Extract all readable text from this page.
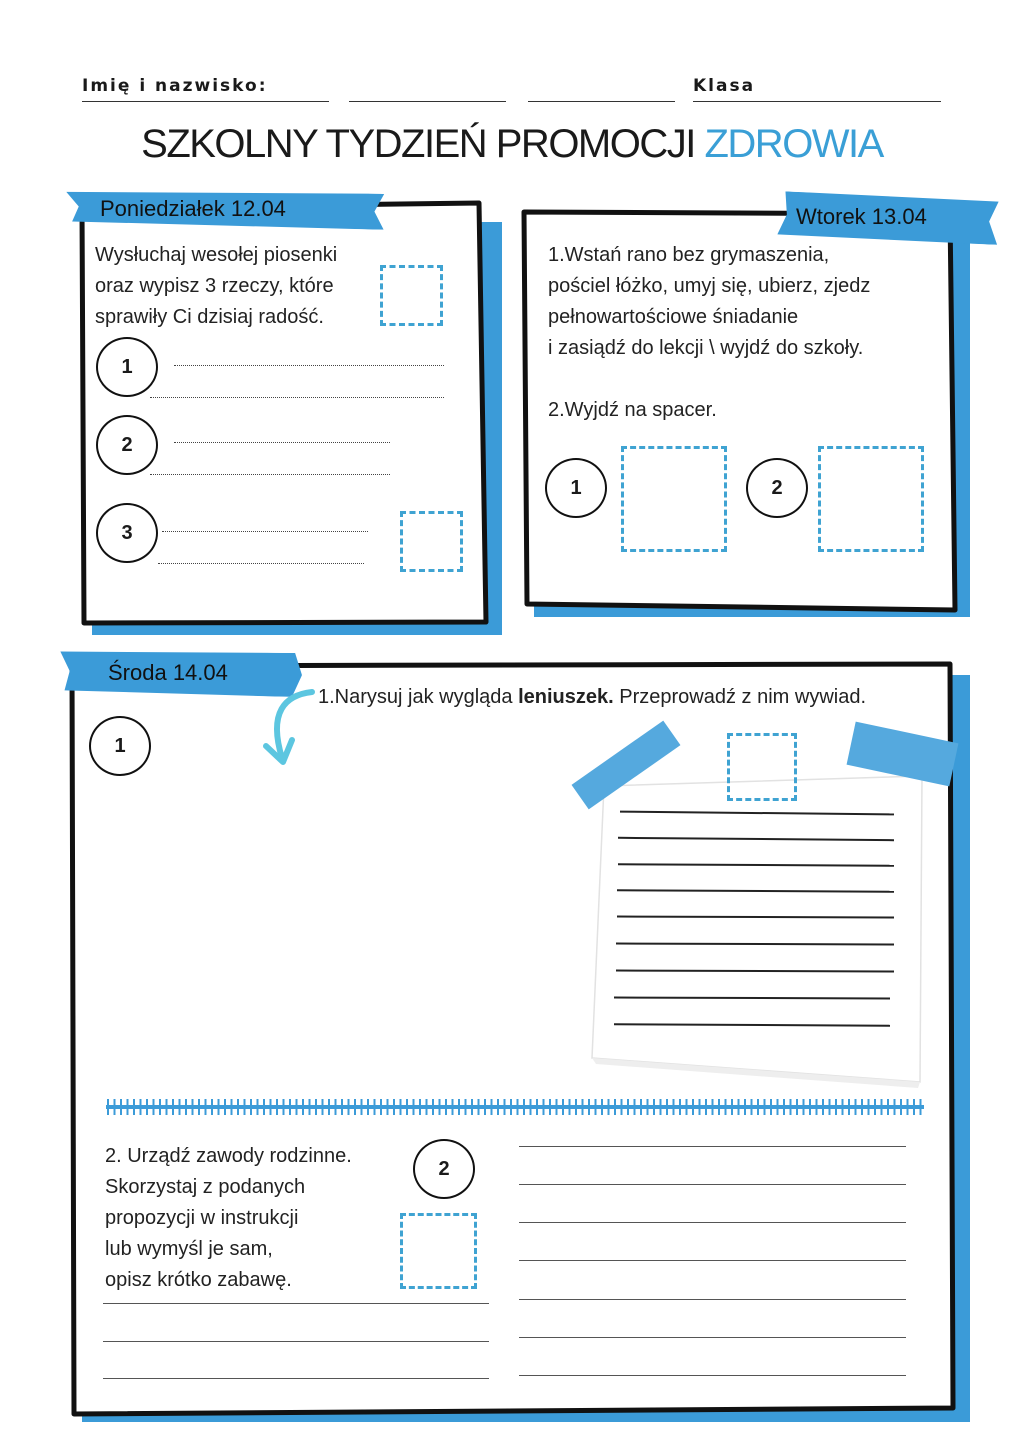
Imię i nazwisko:	Klasa
SZKOLNY TYDZIEŃ PROMOCJI ZDROWIA
Poniedziałek 12.04
Wysłuchaj wesołej piosenki
oraz wypisz 3 rzeczy, które
sprawiły Ci dzisiaj radość.
1
2
3
Wtorek 13.04
1.Wstań rano bez grymaszenia,
pościel łóżko, umyj się, ubierz, zjedz
pełnowartościowe śniadanie
i zasiądź do lekcji \ wyjdź do szkoły.
2.Wyjdź na spacer.
1	2
Środa 14.04
1.Narysuj jak wygląda leniuszek. Przeprowadź z nim wywiad.
1
2. Urządź zawody rodzinne.
Skorzystaj z podanych
propozycji w instrukcji
lub wymyśl je sam,
opisz krótko zabawę.
2
